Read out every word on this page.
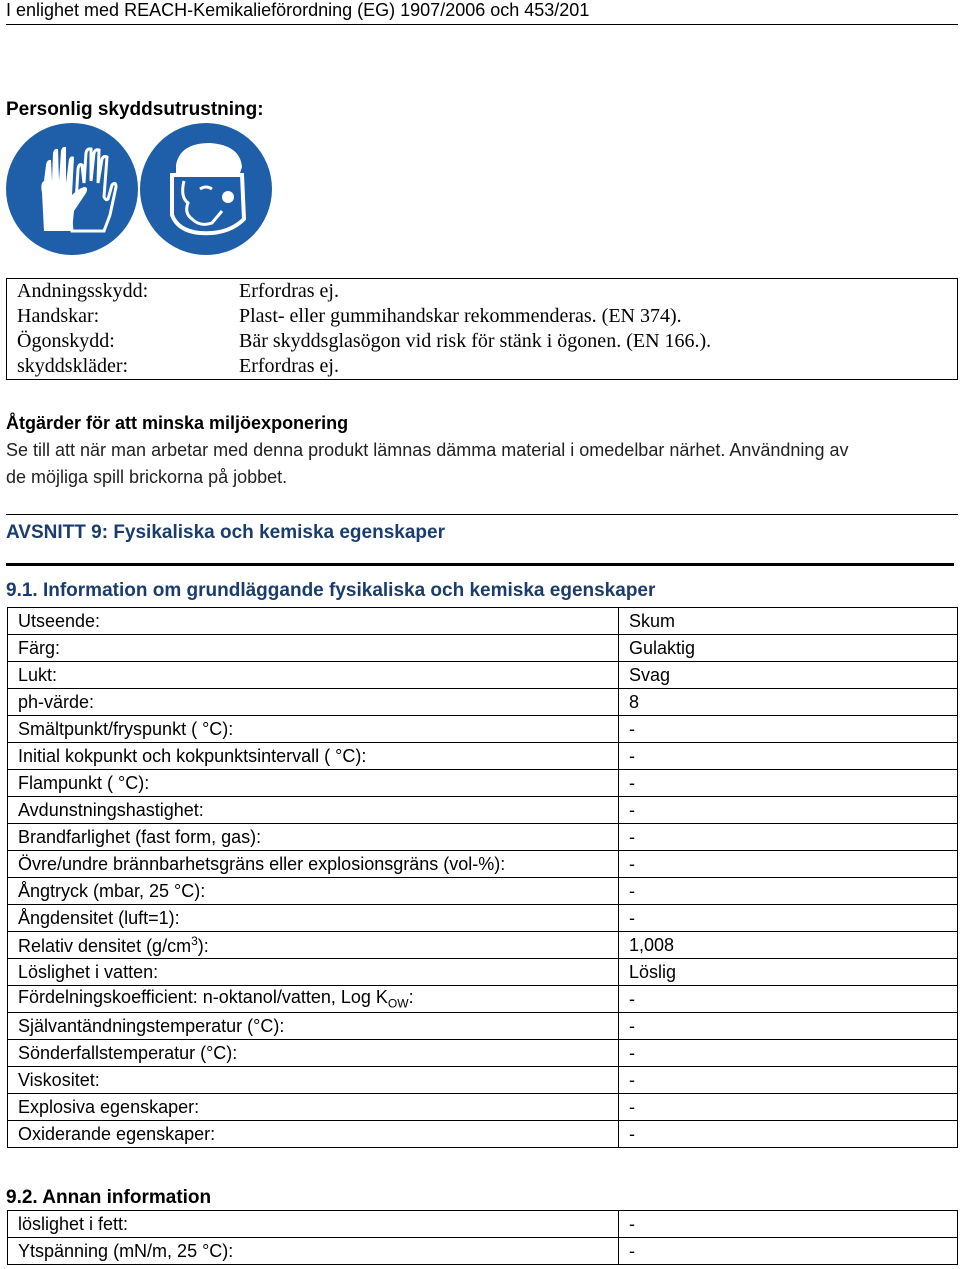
I enlighet med REACH-Kemikalieförordning (EG) 1907/2006 och 453/201
Personlig skyddsutrustning:
Andningsskydd:	Erfordras ej.
Handskar:	Plast- eller gummihandskar rekommenderas. (EN 374).
Ögonskydd:	Bär skyddsglasögon vid risk för stänk i ögonen. (EN 166.).
skyddskläder:	Erfordras ej.
Åtgärder för att minska miljöexponering
Se till att när man arbetar med denna produkt lämnas dämma material i omedelbar närhet. Användning av
de möjliga spill brickorna på jobbet.
AVSNITT 9: Fysikaliska och kemiska egenskaper
9.1. Information om grundläggande fysikaliska och kemiska egenskaper
Utseende:	Skum
Färg:	Gulaktig
Lukt:	Svag
ph-värde:	8
Smältpunkt/fryspunkt ( °C):	-
Initial kokpunkt och kokpunktsintervall ( °C):	-
Flampunkt ( °C):	-
Avdunstningshastighet:	-
Brandfarlighet (fast form, gas):	-
Övre/undre brännbarhetsgräns eller explosionsgräns (vol-%):	-
Ångtryck (mbar, 25 °C):	-
Ångdensitet (luft=1):	-
Relativ densitet $(g/cm^3)$:	1,008
Löslighet i vatten:	Löslig
Fördelningskoefficient: n-oktanol/vatten, Log $K_{OW}$:	-
Självantändningstemperatur (°C):	-
Sönderfallstemperatur (°C):	-
Viskositet:	-
Explosiva egenskaper:	-
Oxiderande egenskaper:	-
9.2. Annan information
löslighet i fett:	-
Ytspänning (mN/m, 25 °C):	-
